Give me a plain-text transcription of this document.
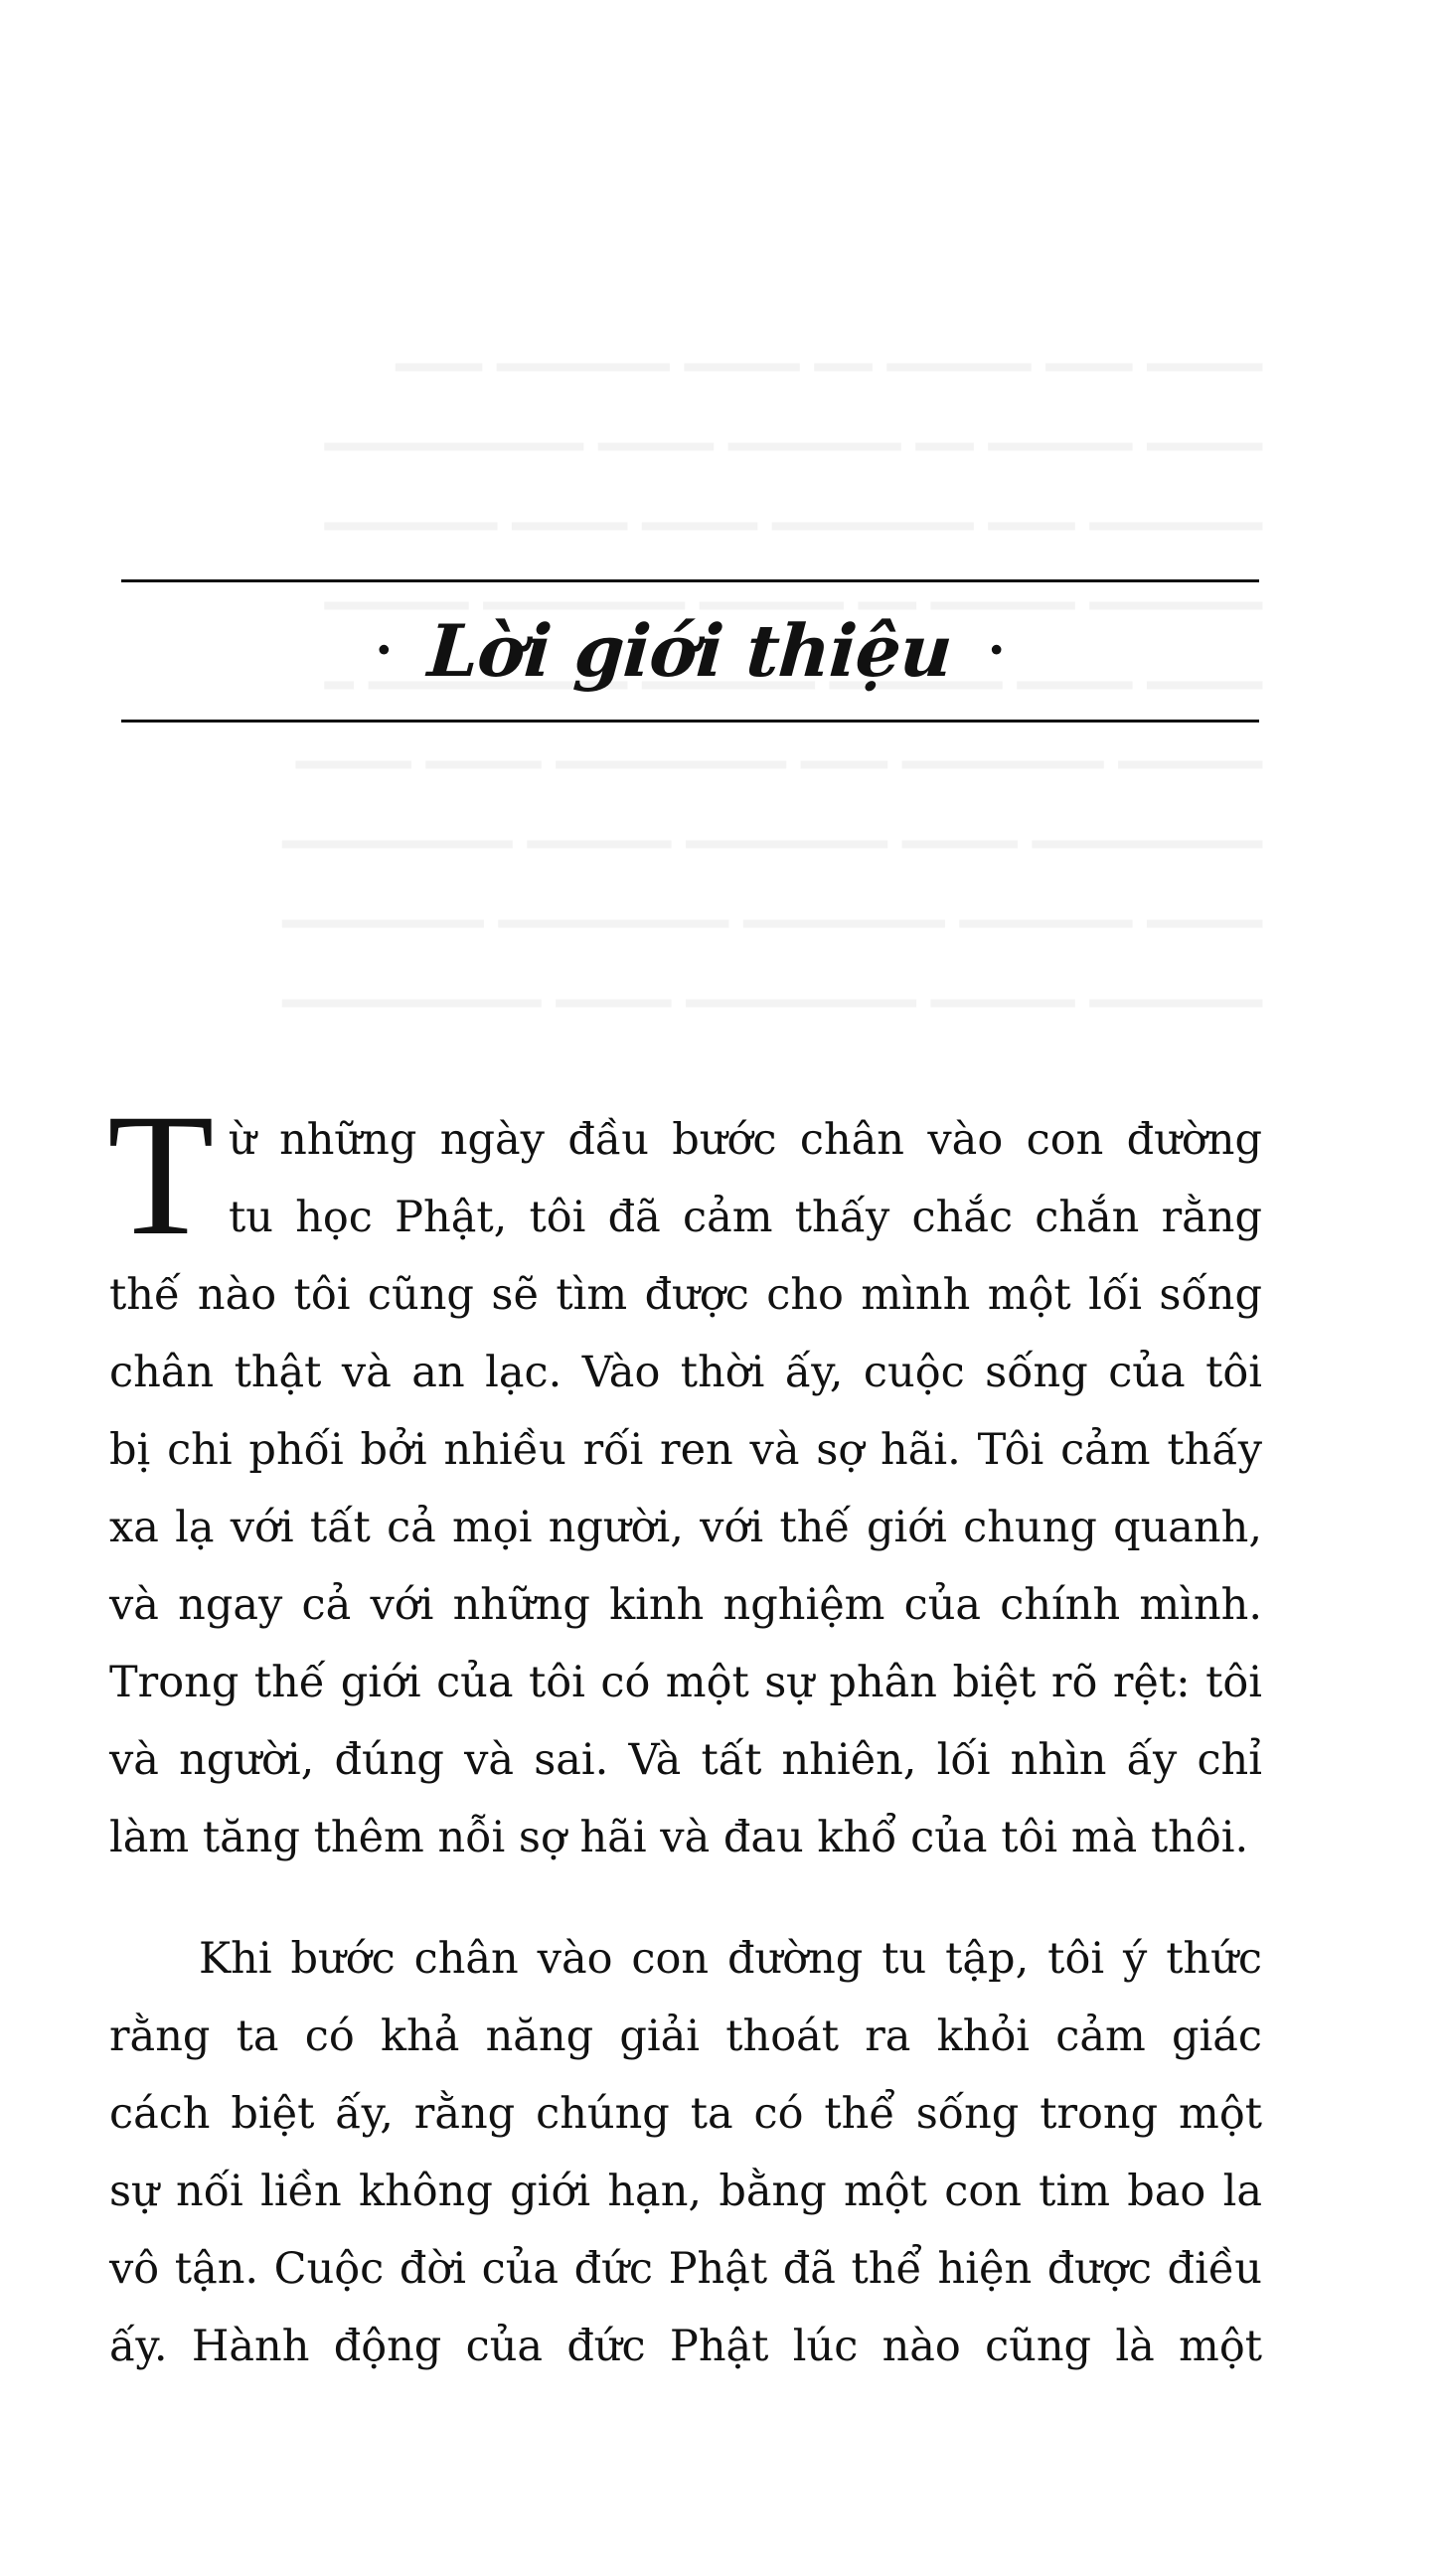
· Lời giới thiệu ·
T ừ những ngày đầu bước chân vào con đường
tu học Phật, tôi đã cảm thấy chắc chắn rằng
thế nào tôi cũng sẽ tìm được cho mình một lối sống
chân thật và an lạc. Vào thời ấy, cuộc sống của tôi
bị chi phối bởi nhiều rối ren và sợ hãi. Tôi cảm thấy
xa lạ với tất cả mọi người, với thế giới chung quanh,
và ngay cả với những kinh nghiệm của chính mình.
Trong thế giới của tôi có một sự phân biệt rõ rệt: tôi
và người, đúng và sai. Và tất nhiên, lối nhìn ấy chỉ
làm tăng thêm nỗi sợ hãi và đau khổ của tôi mà thôi.
Khi bước chân vào con đường tu tập, tôi ý thức
rằng ta có khả năng giải thoát ra khỏi cảm giác
cách biệt ấy, rằng chúng ta có thể sống trong một
sự nối liền không giới hạn, bằng một con tim bao la
vô tận. Cuộc đời của đức Phật đã thể hiện được điều
ấy. Hành động của đức Phật lúc nào cũng là một
